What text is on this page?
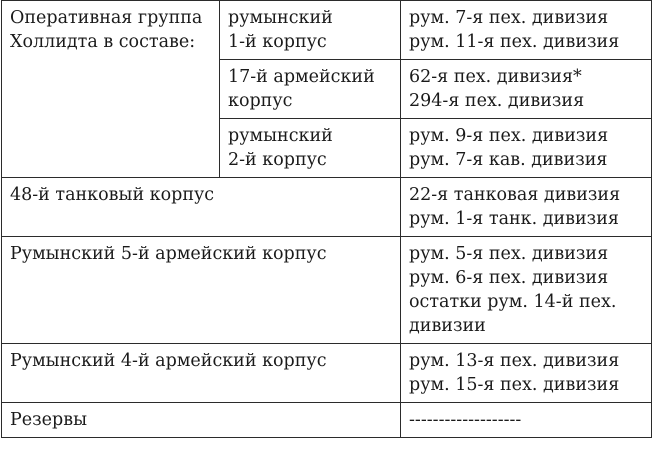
Оперативная группа
Холлидта в составе:	румынский
1-й корпус	рум. 7-я пех. дивизия
рум. 11-я пех. дивизия

	17-й армейский
корпус	62-я пех. дивизия*
294-я пех. дивизия

	румынский
2-й корпус	рум. 9-я пех. дивизия
рум. 7-я кав. дивизия

48-й танковый корпус		22-я танковая дивизия
рум. 1-я танк. дивизия

Румынский 5-й армейский корпус		рум. 5-я пех. дивизия
рум. 6-я пех. дивизия
остатки рум. 14-й пех.
дивизии

Румынский 4-й армейский корпус		рум. 13-я пех. дивизия
рум. 15-я пех. дивизия

Резервы		-------------------
